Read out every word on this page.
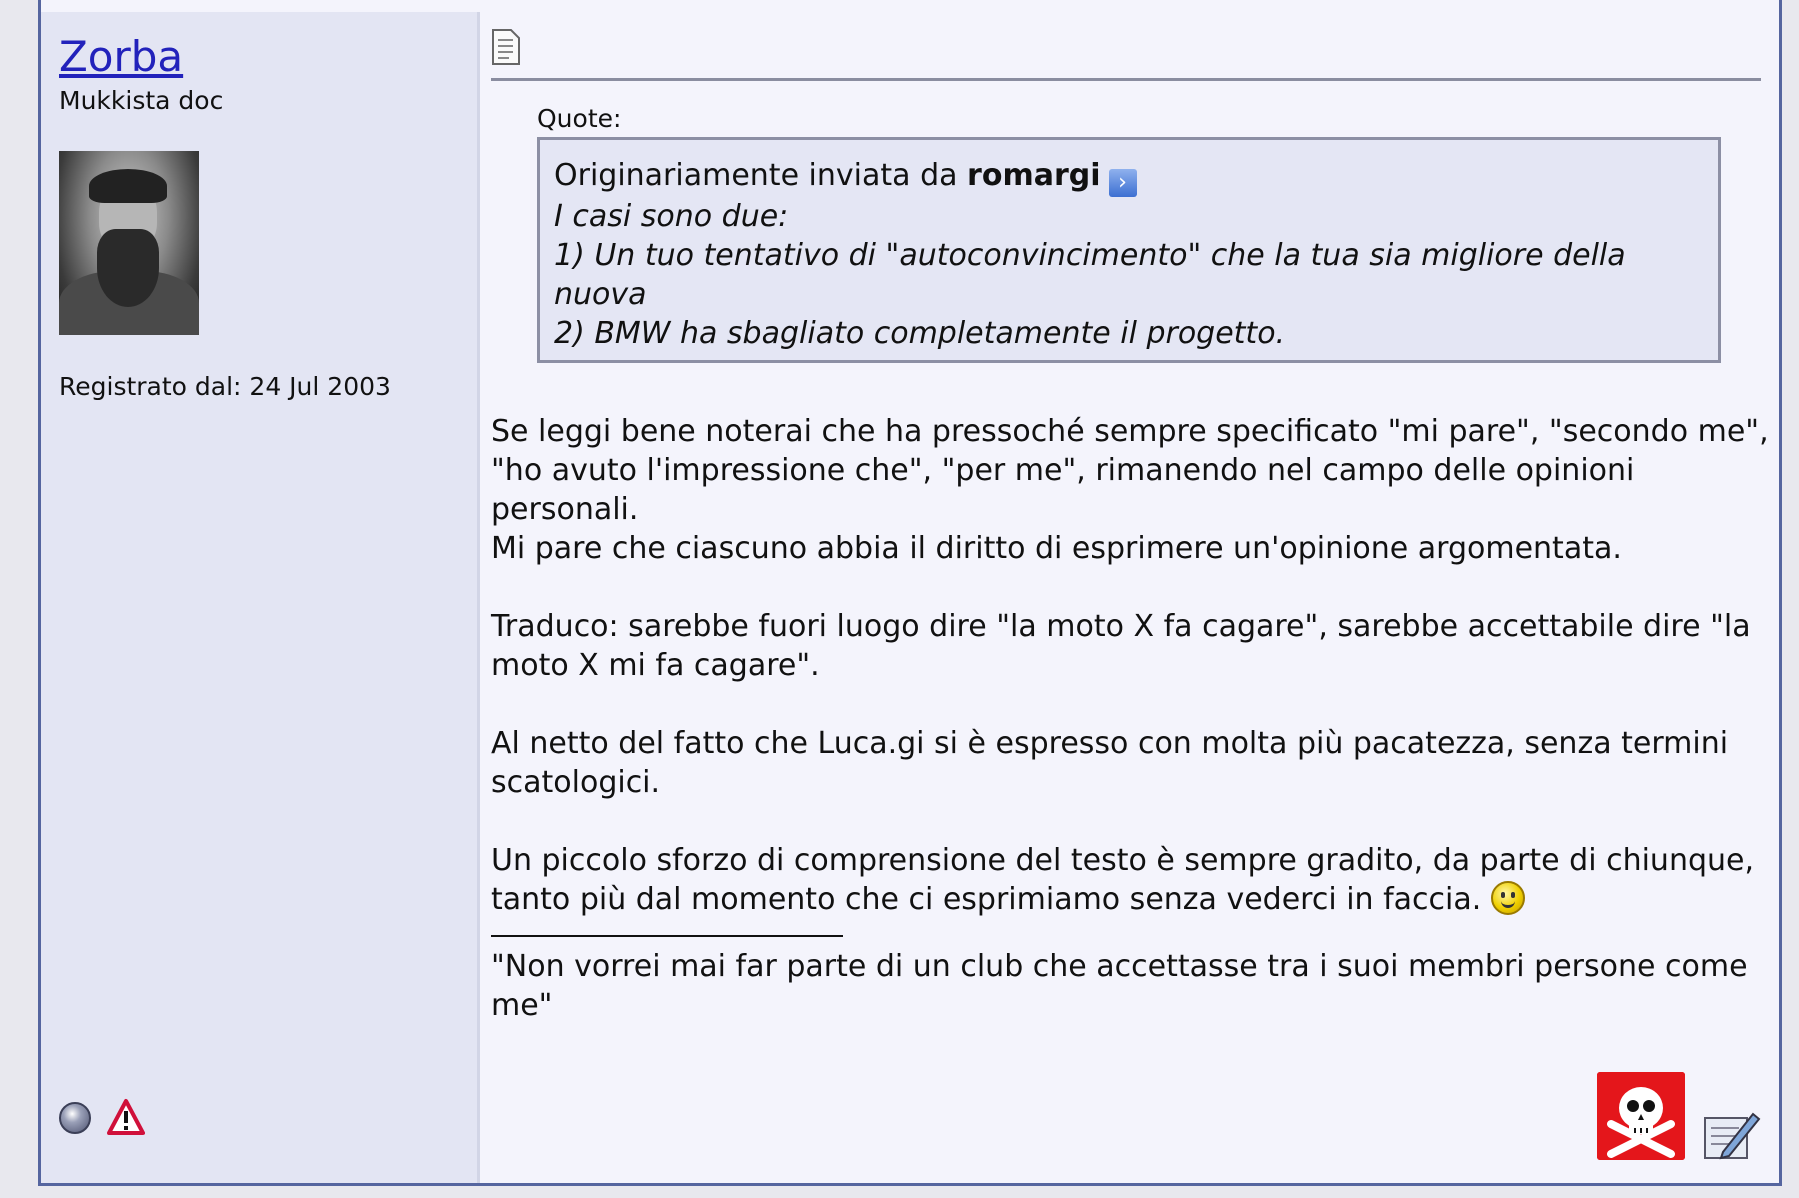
Zorba
Mukkista doc
Registrato dal: 24 Jul 2003
Quote:
Originariamente inviata da romargi ›
I casi sono due:
1) Un tuo tentativo di "autoconvincimento" che la tua sia migliore della nuova
2) BMW ha sbagliato completamente il progetto.

Se leggi bene noterai che ha pressoché sempre specificato "mi pare", "secondo me", "ho avuto l'impressione che", "per me", rimanendo nel campo delle opinioni personali.
Mi pare che ciascuno abbia il diritto di esprimere un'opinione argomentata.

Traduco: sarebbe fuori luogo dire "la moto X fa cagare", sarebbe accettabile dire "la moto X mi fa cagare".

Al netto del fatto che Luca.gi si è espresso con molta più pacatezza, senza termini scatologici.

Un piccolo sforzo di comprensione del testo è sempre gradito, da parte di chiunque, tanto più dal momento che ci esprimiamo senza vederci in faccia.

"Non vorrei mai far parte di un club che accettasse tra i suoi membri persone come me"
